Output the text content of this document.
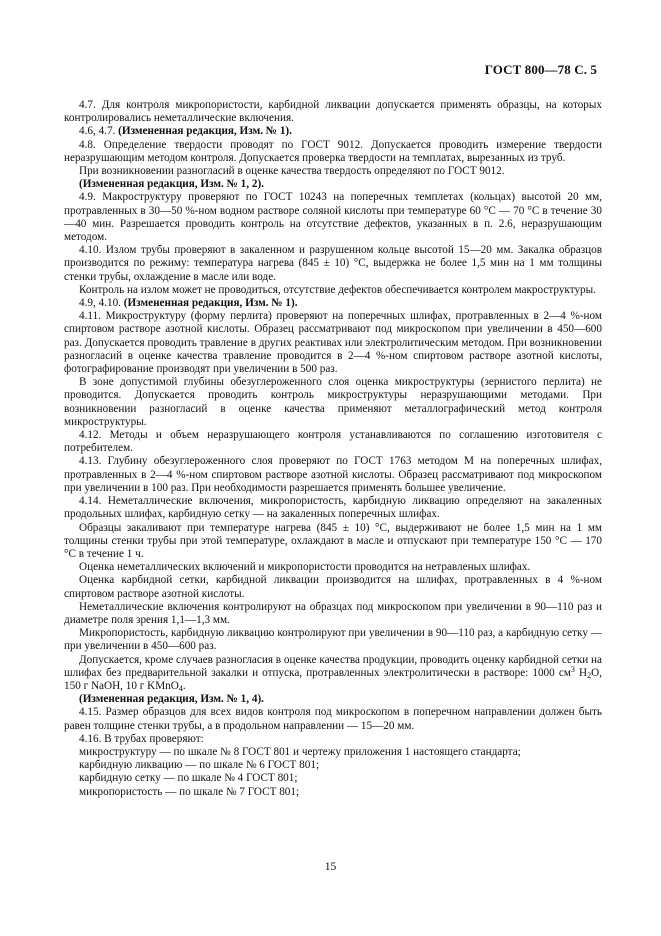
ГОСТ 800—78 С. 5

4.7. Для контроля микропористости, карбидной ликвации допускается применять образцы, на которых контролировались неметаллические включения.

4.6, 4.7. (Измененная редакция, Изм. № 1).

4.8. Определение твердости проводят по ГОСТ 9012. Допускается проводить измерение твердости неразрушающим методом контроля. Допускается проверка твердости на темплатах, вырезанных из труб.

При возникновении разногласий в оценке качества твердость определяют по ГОСТ 9012.

(Измененная редакция, Изм. № 1, 2).

4.9. Макроструктуру проверяют по ГОСТ 10243 на поперечных темплетах (кольцах) высотой 20 мм, протравленных в 30—50 %-ном водном растворе соляной кислоты при температуре 60 °С — 70 °С в течение 30—40 мин. Разрешается проводить контроль на отсутствие дефектов, указанных в п. 2.6, неразрушающим методом.

4.10. Излом трубы проверяют в закаленном и разрушенном кольце высотой 15—20 мм. Закалка образцов производится по режиму: температура нагрева (845 ± 10) °С, выдержка не более 1,5 мин на 1 мм толщины стенки трубы, охлаждение в масле или воде.

Контроль на излом может не проводиться, отсутствие дефектов обеспечивается контролем макроструктуры.

4.9, 4.10. (Измененная редакция, Изм. № 1).

4.11. Микроструктуру (форму перлита) проверяют на поперечных шлифах, протравленных в 2—4 %-ном спиртовом растворе азотной кислоты. Образец рассматривают под микроскопом при увеличении в 450—600 раз. Допускается проводить травление в других реактивах или электролитическим методом. При возникновении разногласий в оценке качества травление проводится в 2—4 %-ном спиртовом растворе азотной кислоты, фотографирование производят при увеличении в 500 раз.

В зоне допустимой глубины обезуглероженного слоя оценка микроструктуры (зернистого перлита) не проводится. Допускается проводить контроль микроструктуры неразрушающими методами. При возникновении разногласий в оценке качества применяют металлографический метод контроля микроструктуры.

4.12. Методы и объем неразрушающего контроля устанавливаются по соглашению изготовителя с потребителем.

4.13. Глубину обезуглероженного слоя проверяют по ГОСТ 1763 методом М на поперечных шлифах, протравленных в 2—4 %-ном спиртовом растворе азотной кислоты. Образец рассматривают под микроскопом при увеличении в 100 раз. При необходимости разрешается применять большее увеличение.

4.14. Неметаллические включения, микропористость, карбидную ликвацию определяют на закаленных продольных шлифах, карбидную сетку — на закаленных поперечных шлифах.

Образцы закаливают при температуре нагрева (845 ± 10) °С, выдерживают не более 1,5 мин на 1 мм толщины стенки трубы при этой температуре, охлаждают в масле и отпускают при температуре 150 °С — 170 °С в течение 1 ч.

Оценка неметаллических включений и микропористости проводится на нетравленых шлифах.

Оценка карбидной сетки, карбидной ликвации производится на шлифах, протравленных в 4 %-ном спиртовом растворе азотной кислоты.

Неметаллические включения контролируют на образцах под микроскопом при увеличении в 90—110 раз и диаметре поля зрения 1,1—1,3 мм.

Микропористость, карбидную ликвацию контролируют при увеличении в 90—110 раз, а карбидную сетку — при увеличении в 450—600 раз.

Допускается, кроме случаев разногласия в оценке качества продукции, проводить оценку карбидной сетки на шлифах без предварительной закалки и отпуска, протравленных электролитически в растворе: 1000 $см^3$ $H_2O$, 150 г NaOH, 10 г KMnO$_4$.

(Измененная редакция, Изм. № 1, 4).

4.15. Размер образцов для всех видов контроля под микроскопом в поперечном направлении должен быть равен толщине стенки трубы, а в продольном направлении — 15—20 мм.

4.16. В трубах проверяют:

микроструктуру — по шкале № 8 ГОСТ 801 и чертежу приложения 1 настоящего стандарта;

карбидную ликвацию — по шкале № 6 ГОСТ 801;

карбидную сетку — по шкале № 4 ГОСТ 801;

микропористость — по шкале № 7 ГОСТ 801;

15
